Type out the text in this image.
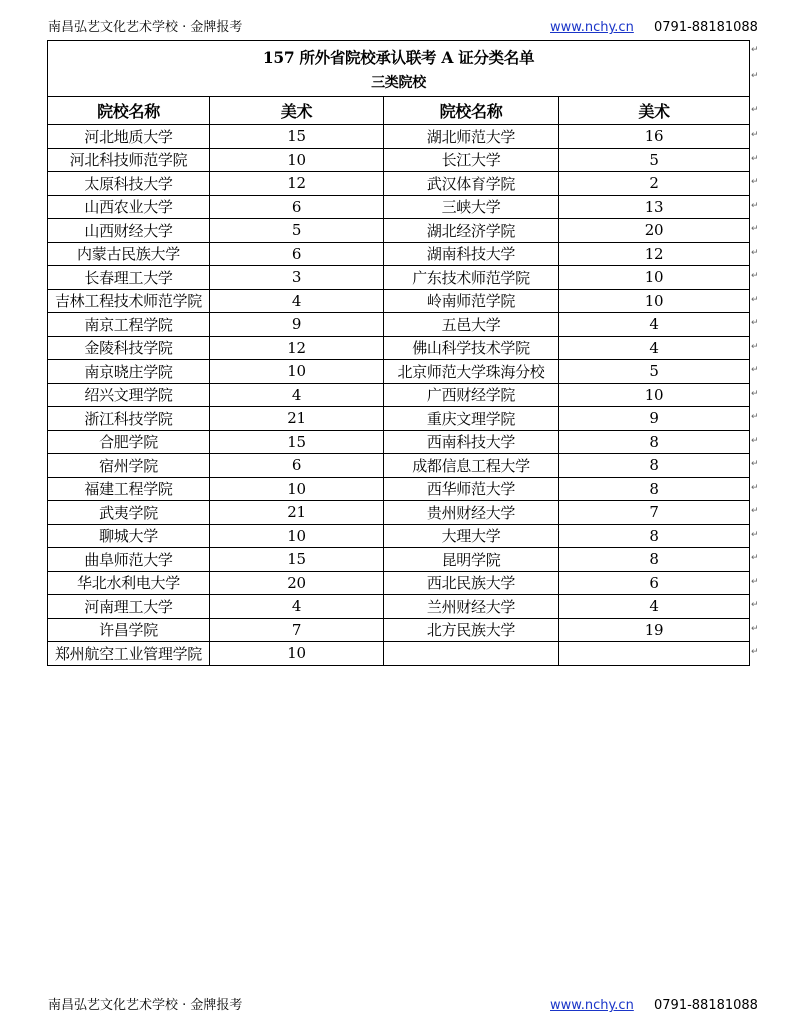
南昌弘艺文化艺术学校 · 金牌报考	www.nchy.cn 0791-88181088
157 所外省院校承认联考 A 证分类名单
三类院校			

院校名称	美术	院校名称	美术
河北地质大学	15	湖北师范大学	16
河北科技师范学院	10	长江大学	5
太原科技大学	12	武汉体育学院	2
山西农业大学	6	三峡大学	13
山西财经大学	5	湖北经济学院	20
内蒙古民族大学	6	湖南科技大学	12
长春理工大学	3	广东技术师范学院	10
吉林工程技术师范学院	4	岭南师范学院	10
南京工程学院	9	五邑大学	4
金陵科技学院	12	佛山科学技术学院	4
南京晓庄学院	10	北京师范大学珠海分校	5
绍兴文理学院	4	广西财经学院	10
浙江科技学院	21	重庆文理学院	9
合肥学院	15	西南科技大学	8
宿州学院	6	成都信息工程大学	8
福建工程学院	10	西华师范大学	8
武夷学院	21	贵州财经大学	7
聊城大学	10	大理大学	8
曲阜师范大学	15	昆明学院	8
华北水利电大学	20	西北民族大学	6
河南理工大学	4	兰州财经大学	4
许昌学院	7	北方民族大学	19
郑州航空工业管理学院	10		
↵
↵
↵
↵
↵
↵
↵
↵
↵
↵
↵
↵
↵
↵
↵
↵
↵
↵
↵
↵
↵
↵
↵
↵
↵
↵
南昌弘艺文化艺术学校 · 金牌报考	www.nchy.cn 0791-88181088
